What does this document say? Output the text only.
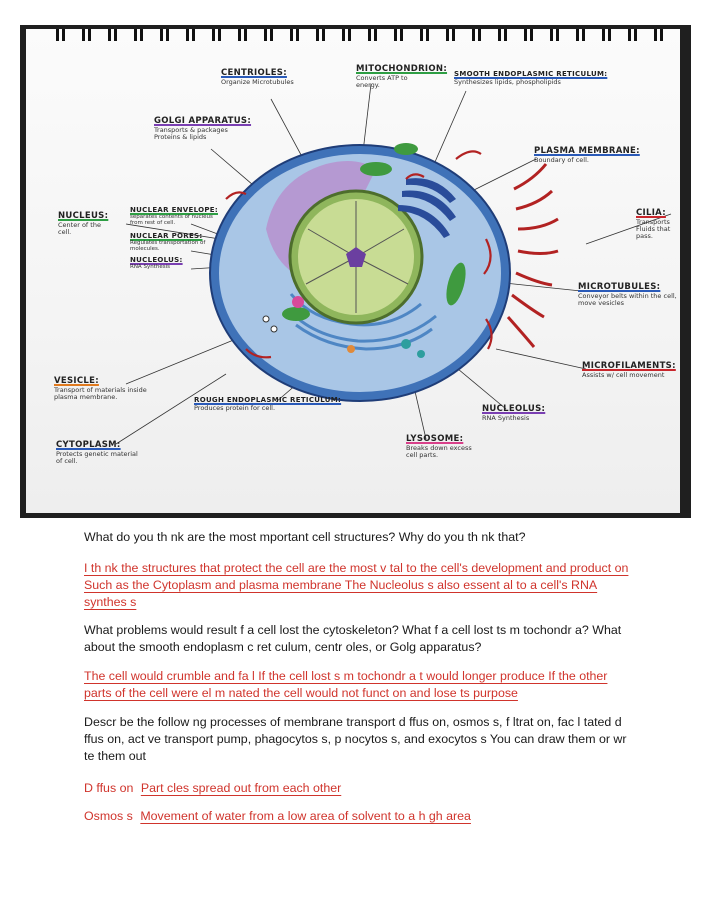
CENTRIOLES:
Organize Microtubules
MITOCHONDRION:
Converts ATP to energy.
SMOOTH ENDOPLASMIC RETICULUM:
Synthesizes lipids, phospholipids
GOLGI APPARATUS:
Transports & packages Proteins & lipids
PLASMA MEMBRANE:
Boundary of cell.
NUCLEUS:
Center of the cell.
NUCLEAR ENVELOPE:
separates contents of nucleus from rest of cell.
NUCLEAR PORES:
Regulates transportation of molecules.
NUCLEOLUS:
RNA Synthesis
CILIA:
Transports Fluids that pass.
MICROTUBULES:
Conveyor belts within the cell, move vesicles
MICROFILAMENTS:
Assists w/ cell movement
VESICLE:
Transport of materials inside plasma membrane.	ROUGH ENDOPLASMIC RETICULUM:
Produces protein for cell.	NUCLEOLUS:
RNA Synthesis
LYSOSOME:
Breaks down excess cell parts.
CYTOPLASM:
Protects genetic material of cell.
What do you th nk are the most mportant cell structures? Why do you th nk that?
I th nk the structures that protect the cell are the most v tal to the cell's development and product on Such as the Cytoplasm and plasma membrane The Nucleolus s also essent al to a cell's RNA synthes s
What problems would result f a cell lost the cytoskeleton? What f a cell lost ts m tochondr a? What about the smooth endoplasm c ret culum, centr oles, or Golg apparatus?
The cell would crumble and fa l If the cell lost s m tochondr a t would longer produce If the other parts of the cell were el m nated the cell would not funct on and lose ts purpose
Descr be the follow ng processes of membrane transport d ffus on, osmos s, f ltrat on, fac l tated d ffus on, act ve transport pump, phagocytos s, p nocytos s, and exocytos s You can draw them or wr te them out
D ffus on Part cles spread out from each other
Osmos s Movement of water from a low area of solvent to a h gh area
